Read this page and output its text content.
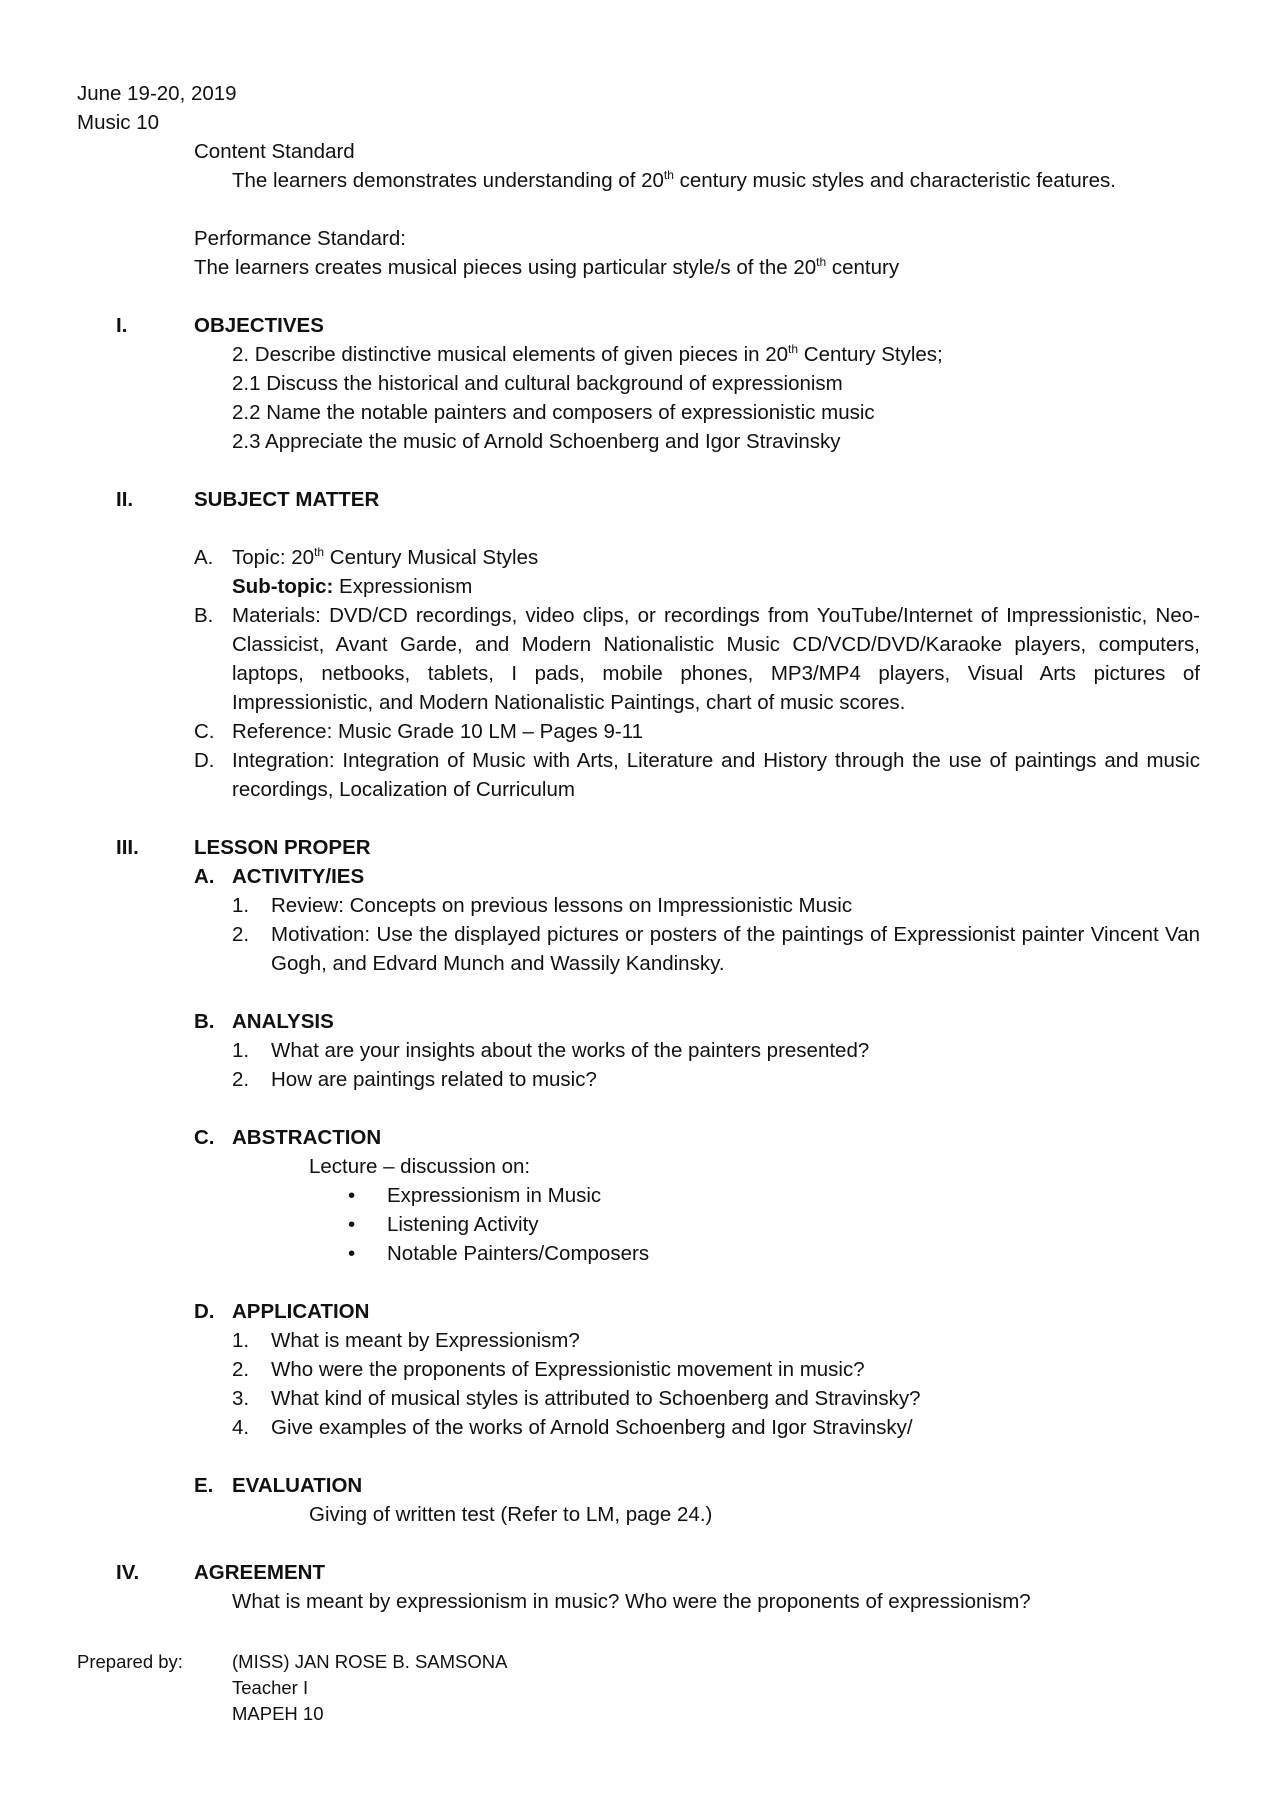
June 19-20, 2019
Music 10
Content Standard
The learners demonstrates understanding of 20th century music styles and characteristic features.
Performance Standard:
The learners creates musical pieces using particular style/s of the 20th century
I.	OBJECTIVES
2. Describe distinctive musical elements of given pieces in 20th Century Styles;
2.1 Discuss the historical and cultural background of expressionism
2.2 Name the notable painters and composers of expressionistic music
2.3 Appreciate the music of Arnold Schoenberg and Igor Stravinsky
II.	SUBJECT MATTER
A. Topic: 20th Century Musical Styles
Sub-topic: Expressionism
B. Materials: DVD/CD recordings, video clips, or recordings from YouTube/Internet of Impressionistic, Neo-Classicist, Avant Garde, and Modern Nationalistic Music CD/VCD/DVD/Karaoke players, computers, laptops, netbooks, tablets, I pads, mobile phones, MP3/MP4 players, Visual Arts pictures of Impressionistic, and Modern Nationalistic Paintings, chart of music scores.
C. Reference: Music Grade 10 LM – Pages 9-11
D. Integration: Integration of Music with Arts, Literature and History through the use of paintings and music recordings, Localization of Curriculum
III.	LESSON PROPER
A. ACTIVITY/IES
1.	Review: Concepts on previous lessons on Impressionistic Music
2.	Motivation: Use the displayed pictures or posters of the paintings of Expressionist painter Vincent Van Gogh, and Edvard Munch and Wassily Kandinsky.
B. ANALYSIS
1.	What are your insights about the works of the painters presented?
2.	How are paintings related to music?
C. ABSTRACTION
Lecture – discussion on:
• Expressionism in Music
• Listening Activity
• Notable Painters/Composers
D. APPLICATION
1.	What is meant by Expressionism?
2.	Who were the proponents of Expressionistic movement in music?
3.	What kind of musical styles is attributed to Schoenberg and Stravinsky?
4.	Give examples of the works of Arnold Schoenberg and Igor Stravinsky/
E. EVALUATION
Giving of written test (Refer to LM, page 24.)
IV.	AGREEMENT
What is meant by expressionism in music? Who were the proponents of expressionism?
Prepared by:	(MISS) JAN ROSE B. SAMSONA
Teacher I
MAPEH 10
